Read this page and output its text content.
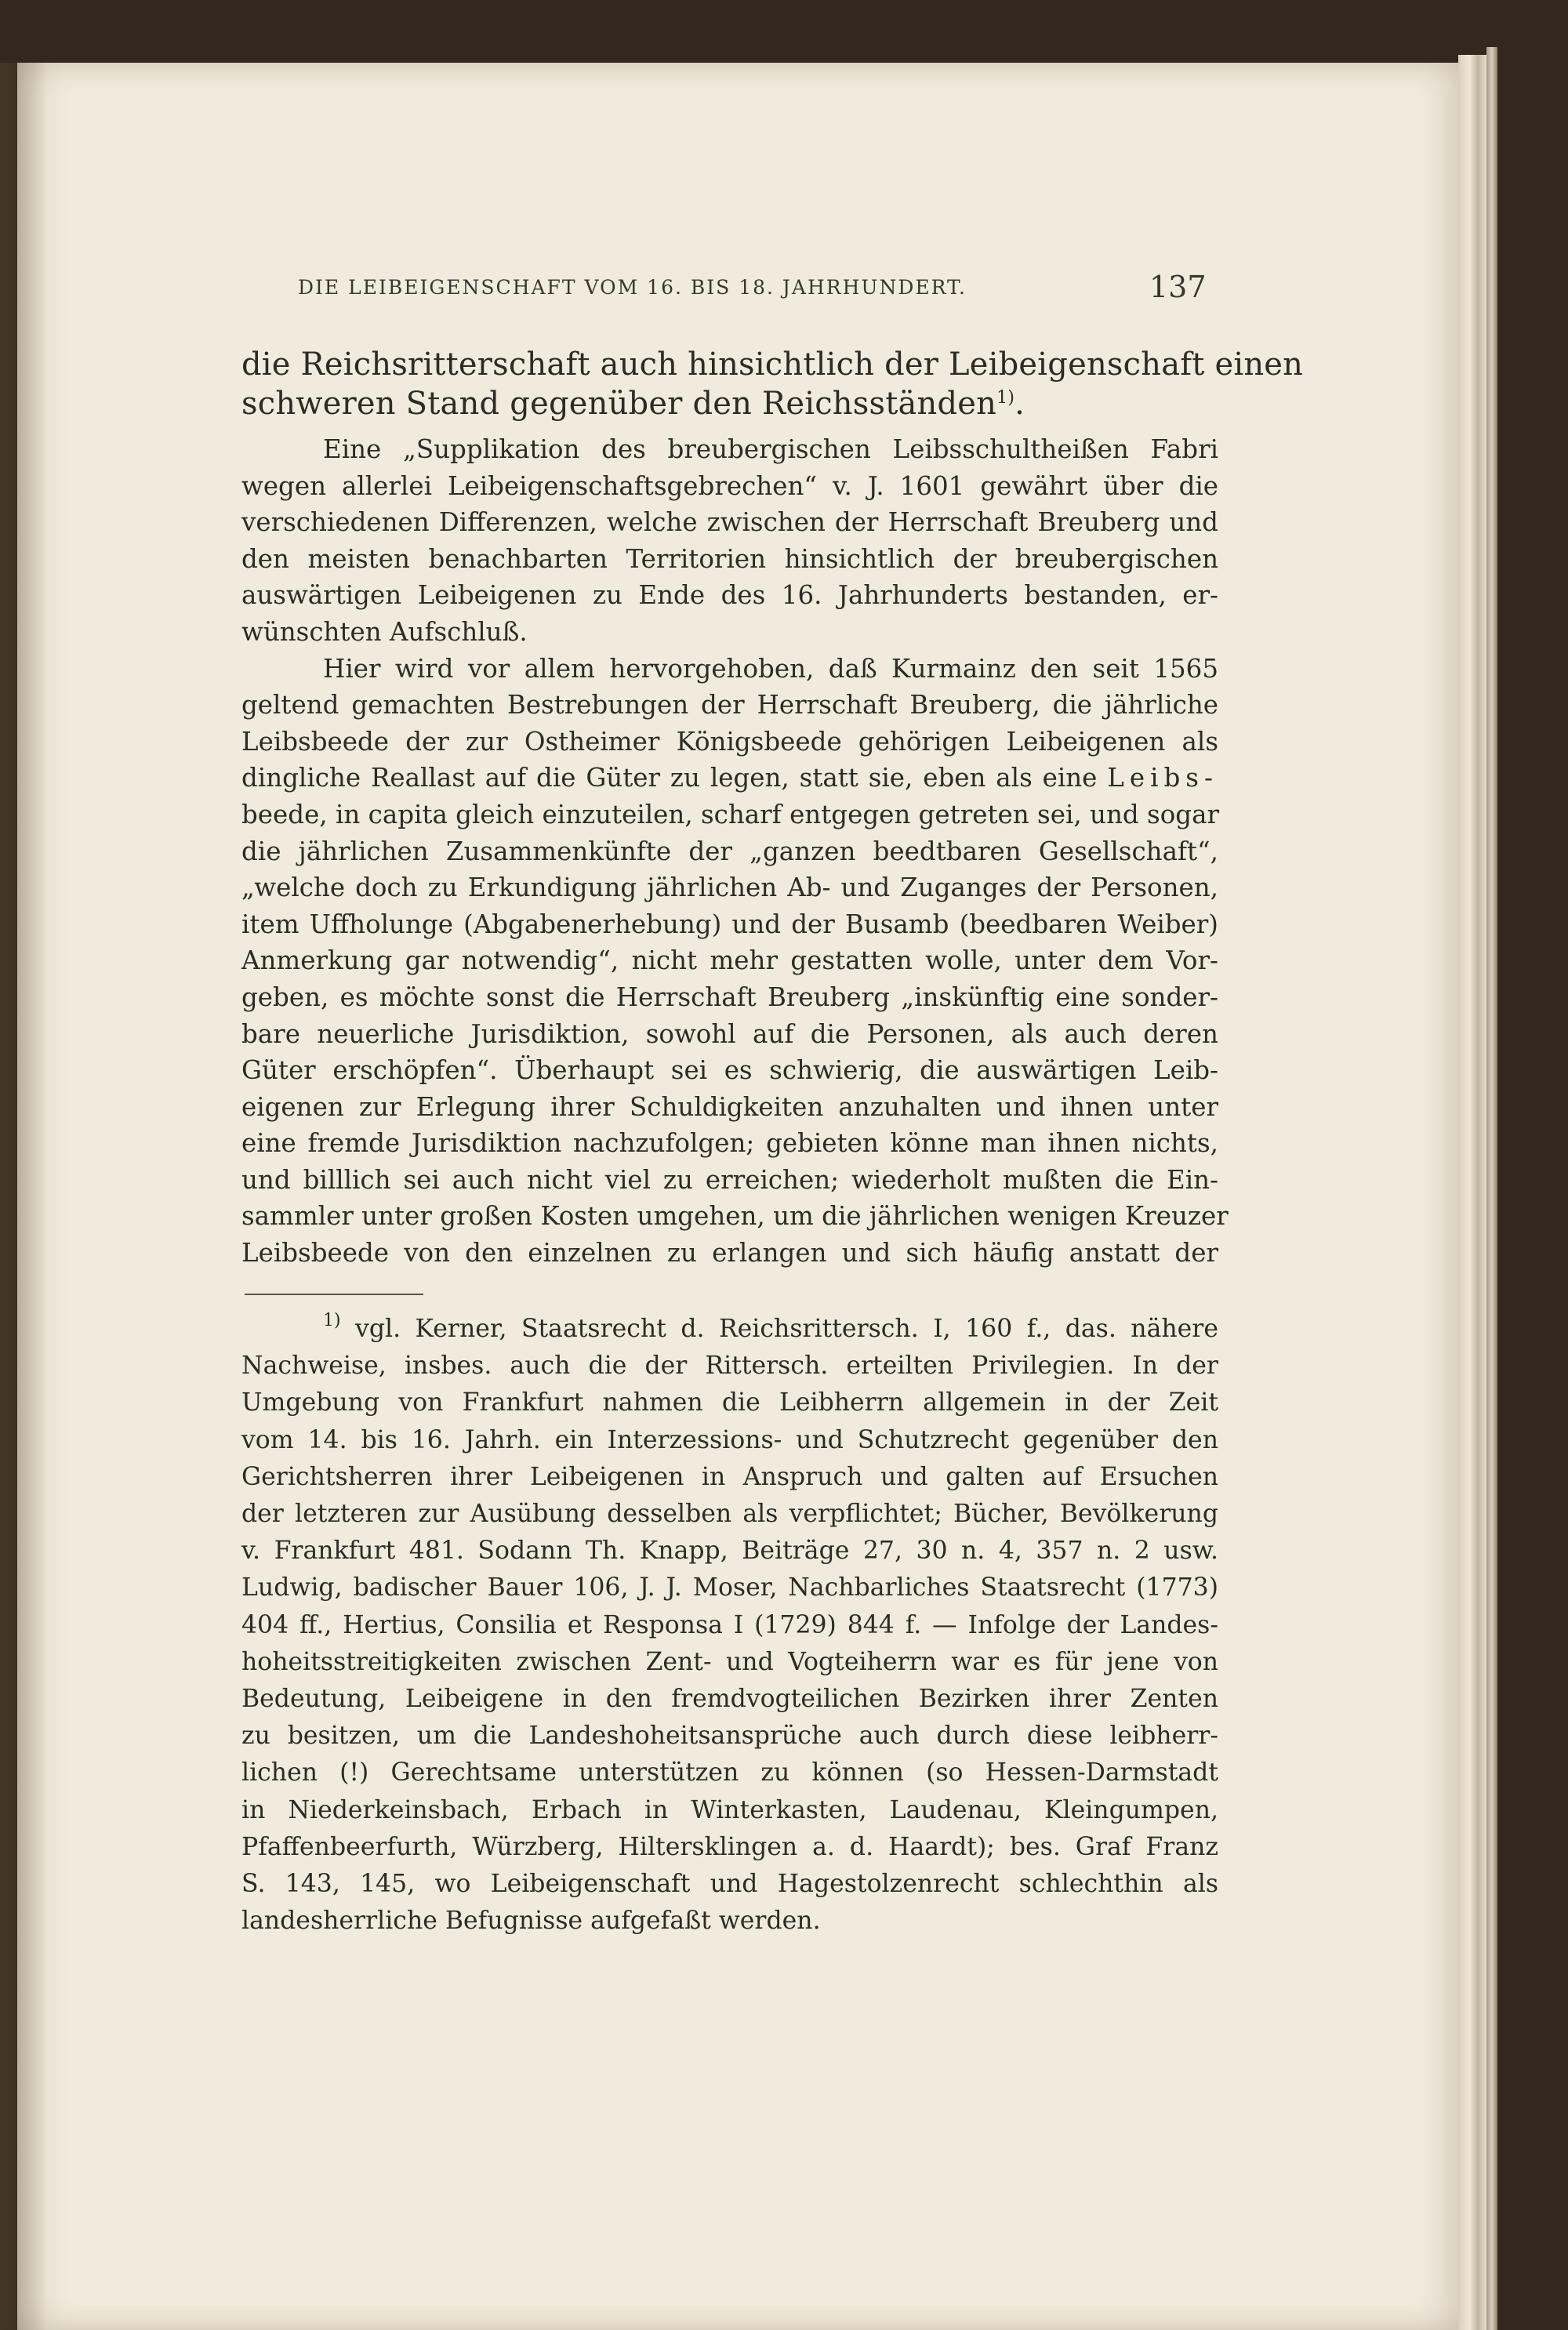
DIE LEIBEIGENSCHAFT VOM 16. BIS 18. JAHRHUNDERT.	137
die Reichsritterschaft auch hinsichtlich der Leibeigenschaft einen
schweren Stand gegenüber den Reichsständen$^{1)}$.
Eine „Supplikation des breubergischen Leibsschultheißen Fabri
wegen allerlei Leibeigenschaftsgebrechen“ v. J. 1601 gewährt über die
verschiedenen Differenzen, welche zwischen der Herrschaft Breuberg und
den meisten benachbarten Territorien hinsichtlich der breubergischen
auswärtigen Leibeigenen zu Ende des 16. Jahrhunderts bestanden, er-
wünschten Aufschluß.
Hier wird vor allem hervorgehoben, daß Kurmainz den seit 1565
geltend gemachten Bestrebungen der Herrschaft Breuberg, die jährliche
Leibsbeede der zur Ostheimer Königsbeede gehörigen Leibeigenen als
dingliche Reallast auf die Güter zu legen, statt sie, eben als eine Leibs-
beede, in capita gleich einzuteilen, scharf entgegen getreten sei, und sogar
die jährlichen Zusammenkünfte der „ganzen beedtbaren Gesellschaft“,
„welche doch zu Erkundigung jährlichen Ab- und Zuganges der Personen,
item Uffholunge (Abgabenerhebung) und der Busamb (beedbaren Weiber)
Anmerkung gar notwendig“, nicht mehr gestatten wolle, unter dem Vor-
geben, es möchte sonst die Herrschaft Breuberg „inskünftig eine sonder-
bare neuerliche Jurisdiktion, sowohl auf die Personen, als auch deren
Güter erschöpfen“. Überhaupt sei es schwierig, die auswärtigen Leib-
eigenen zur Erlegung ihrer Schuldigkeiten anzuhalten und ihnen unter
eine fremde Jurisdiktion nachzufolgen; gebieten könne man ihnen nichts,
und billlich sei auch nicht viel zu erreichen; wiederholt mußten die Ein-
sammler unter großen Kosten umgehen, um die jährlichen wenigen Kreuzer
Leibsbeede von den einzelnen zu erlangen und sich häufig anstatt der
$^{1)}$ vgl. Kerner, Staatsrecht d. Reichsrittersch. I, 160 f., das. nähere
Nachweise, insbes. auch die der Rittersch. erteilten Privilegien. In der
Umgebung von Frankfurt nahmen die Leibherrn allgemein in der Zeit
vom 14. bis 16. Jahrh. ein Interzessions- und Schutzrecht gegenüber den
Gerichtsherren ihrer Leibeigenen in Anspruch und galten auf Ersuchen
der letzteren zur Ausübung desselben als verpflichtet; Bücher, Bevölkerung
v. Frankfurt 481. Sodann Th. Knapp, Beiträge 27, 30 n. 4, 357 n. 2 usw.
Ludwig, badischer Bauer 106, J. J. Moser, Nachbarliches Staatsrecht (1773)
404 ff., Hertius, Consilia et Responsa I (1729) 844 f. — Infolge der Landes-
hoheitsstreitigkeiten zwischen Zent- und Vogteiherrn war es für jene von
Bedeutung, Leibeigene in den fremdvogteilichen Bezirken ihrer Zenten
zu besitzen, um die Landeshoheitsansprüche auch durch diese leibherr-
lichen (!) Gerechtsame unterstützen zu können (so Hessen-Darmstadt
in Niederkeinsbach, Erbach in Winterkasten, Laudenau, Kleingumpen,
Pfaffenbeerfurth, Würzberg, Hiltersklingen a. d. Haardt); bes. Graf Franz
S. 143, 145, wo Leibeigenschaft und Hagestolzenrecht schlechthin als
landesherrliche Befugnisse aufgefaßt werden.
